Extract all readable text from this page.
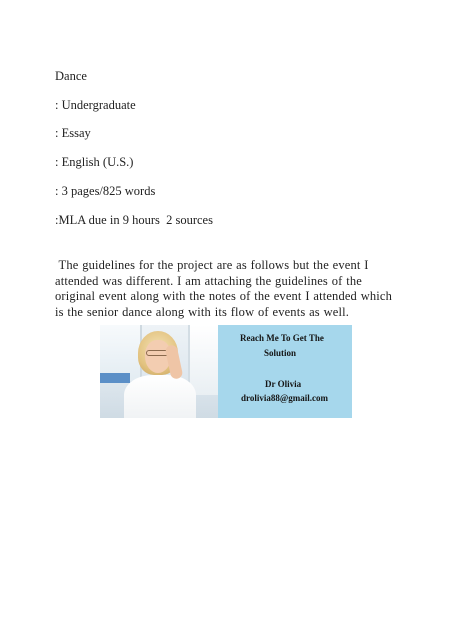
Dance
: Undergraduate
: Essay
: English (U.S.)
: 3 pages/825 words
:MLA due in 9 hours  2 sources
The guidelines for the project are as follows but the event I
attended was different. I am attaching the guidelines of the
original event along with the notes of the event I attended which
is the senior dance along with its flow of events as well.
Reach Me To Get The
Solution
Dr Olivia
drolivia88@gmail.com
